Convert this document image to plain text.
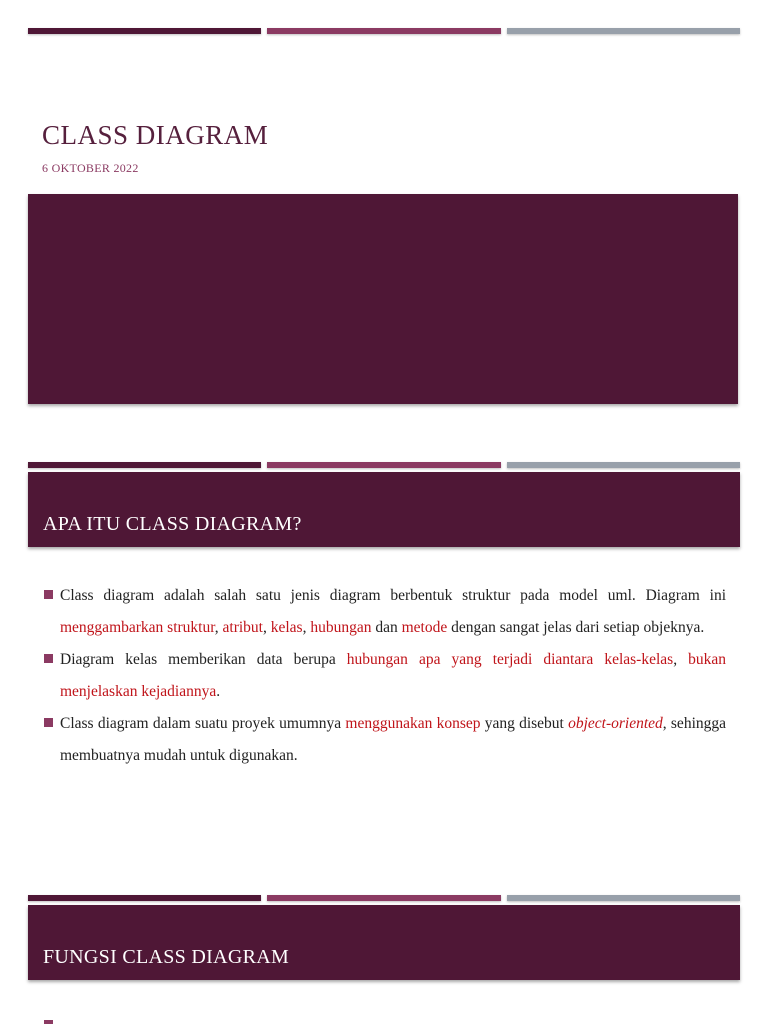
CLASS DIAGRAM
6 OKTOBER 2022
APA ITU CLASS DIAGRAM?
Class diagram adalah salah satu jenis diagram berbentuk struktur pada model uml. Diagram ini menggambarkan struktur, atribut, kelas, hubungan dan metode dengan sangat jelas dari setiap objeknya.
Diagram kelas memberikan data berupa hubungan apa yang terjadi diantara kelas-kelas, bukan menjelaskan kejadiannya.
Class diagram dalam suatu proyek umumnya menggunakan konsep yang disebut object-oriented, sehingga membuatnya mudah untuk digunakan.
FUNGSI CLASS DIAGRAM
